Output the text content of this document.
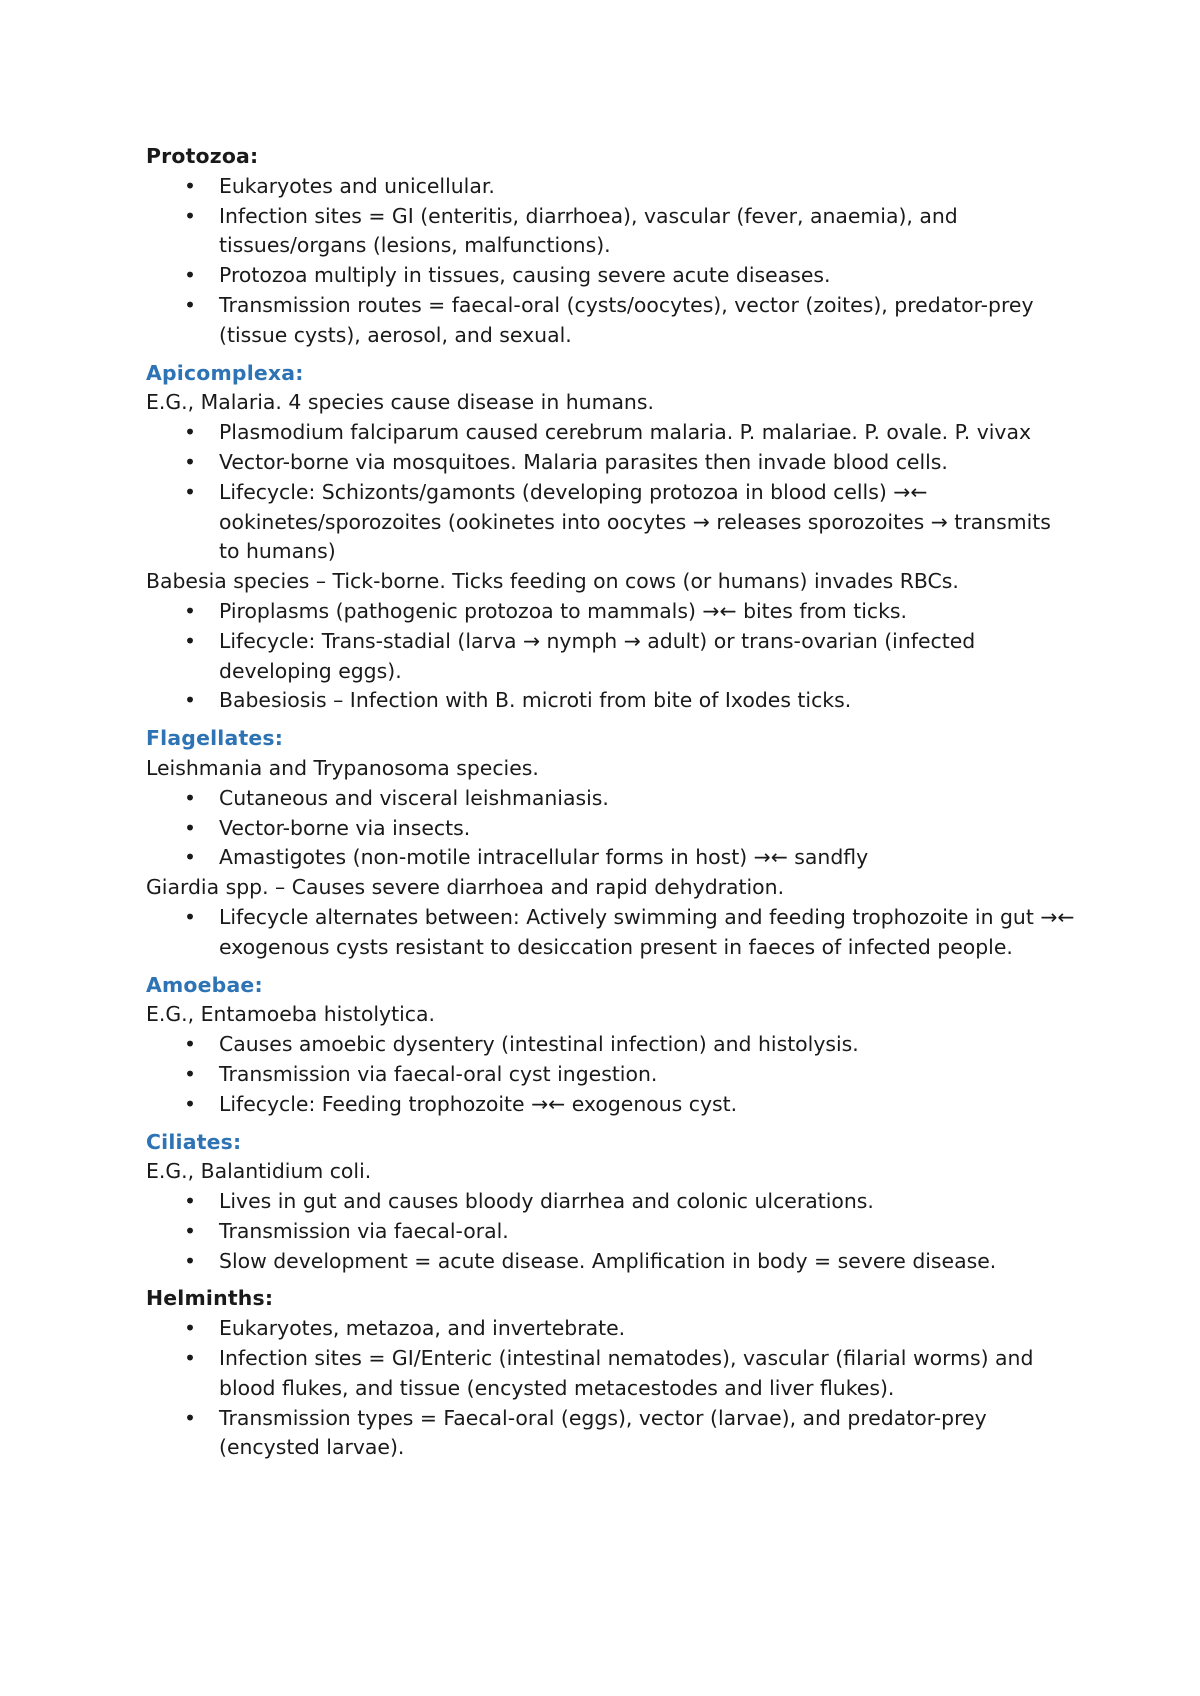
Protozoa:
• Eukaryotes and unicellular.
• Infection sites = GI (enteritis, diarrhoea), vascular (fever, anaemia), and tissues/organs (lesions, malfunctions).
• Protozoa multiply in tissues, causing severe acute diseases.
• Transmission routes = faecal-oral (cysts/oocytes), vector (zoites), predator-prey (tissue cysts), aerosol, and sexual.
Apicomplexa:
E.G., Malaria. 4 species cause disease in humans.
• Plasmodium falciparum caused cerebrum malaria. P. malariae. P. ovale. P. vivax
• Vector-borne via mosquitoes. Malaria parasites then invade blood cells.
• Lifecycle: Schizonts/gamonts (developing protozoa in blood cells) →← ookinetes/sporozoites (ookinetes into oocytes → releases sporozoites → transmits to humans)
Babesia species – Tick-borne. Ticks feeding on cows (or humans) invades RBCs.
• Piroplasms (pathogenic protozoa to mammals) →← bites from ticks.
• Lifecycle: Trans-stadial (larva → nymph → adult) or trans-ovarian (infected developing eggs).
• Babesiosis – Infection with B. microti from bite of Ixodes ticks.
Flagellates:
Leishmania and Trypanosoma species.
• Cutaneous and visceral leishmaniasis.
• Vector-borne via insects.
• Amastigotes (non-motile intracellular forms in host) →← sandfly
Giardia spp. – Causes severe diarrhoea and rapid dehydration.
• Lifecycle alternates between: Actively swimming and feeding trophozoite in gut →← exogenous cysts resistant to desiccation present in faeces of infected people.
Amoebae:
E.G., Entamoeba histolytica.
• Causes amoebic dysentery (intestinal infection) and histolysis.
• Transmission via faecal-oral cyst ingestion.
• Lifecycle: Feeding trophozoite →← exogenous cyst.
Ciliates:
E.G., Balantidium coli.
• Lives in gut and causes bloody diarrhea and colonic ulcerations.
• Transmission via faecal-oral.
• Slow development = acute disease. Amplification in body = severe disease.
Helminths:
• Eukaryotes, metazoa, and invertebrate.
• Infection sites = GI/Enteric (intestinal nematodes), vascular (filarial worms) and blood flukes, and tissue (encysted metacestodes and liver flukes).
• Transmission types = Faecal-oral (eggs), vector (larvae), and predator-prey (encysted larvae).
